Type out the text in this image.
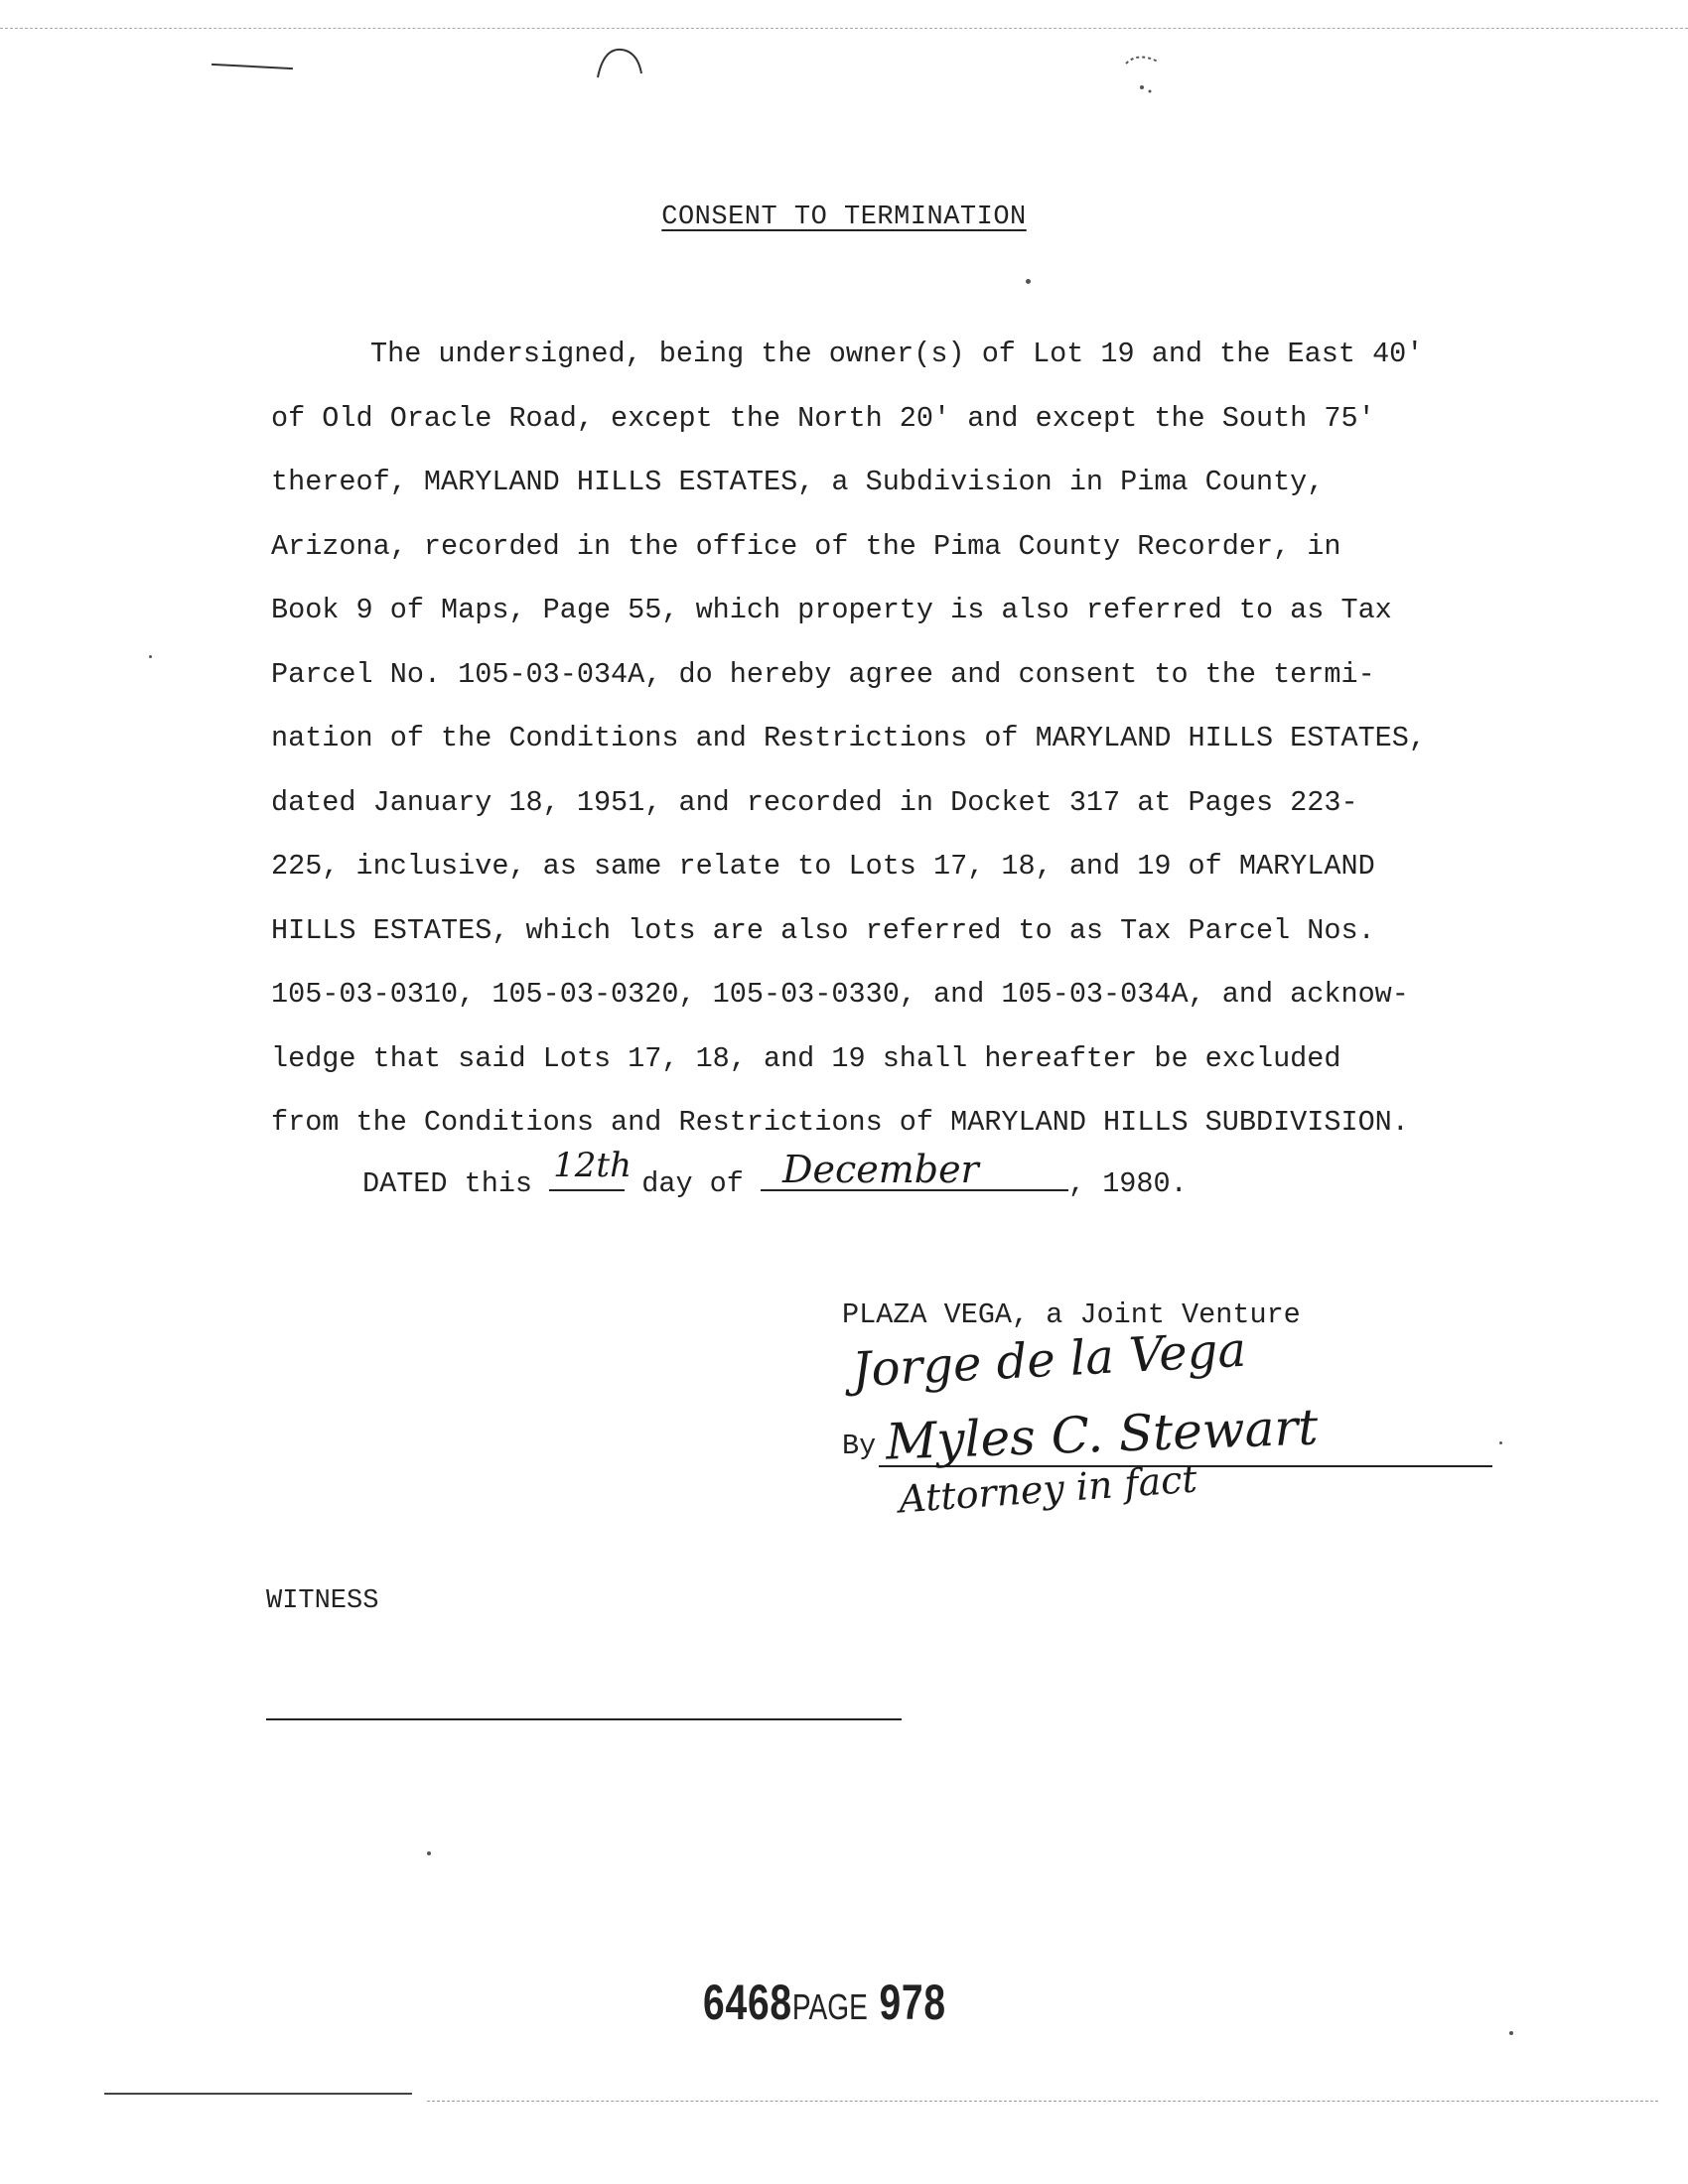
CONSENT TO TERMINATION
The undersigned, being the owner(s) of Lot 19 and the East 40'
of Old Oracle Road, except the North 20' and except the South 75'
thereof, MARYLAND HILLS ESTATES, a Subdivision in Pima County,
Arizona, recorded in the office of the Pima County Recorder, in
Book 9 of Maps, Page 55, which property is also referred to as Tax
Parcel No. 105-03-034A, do hereby agree and consent to the termi-
nation of the Conditions and Restrictions of MARYLAND HILLS ESTATES,
dated January 18, 1951, and recorded in Docket 317 at Pages 223-
225, inclusive, as same relate to Lots 17, 18, and 19 of MARYLAND
HILLS ESTATES, which lots are also referred to as Tax Parcel Nos.
105-03-0310, 105-03-0320, 105-03-0330, and 105-03-034A, and acknow-
ledge that said Lots 17, 18, and 19 shall hereafter be excluded
from the Conditions and Restrictions of MARYLAND HILLS SUBDIVISION.
DATED this 12th day of December	, 1980.
PLAZA VEGA, a Joint Venture
Jorge de la Vega
By Myles C. Stewart
Attorney in fact
WITNESS
6468PAGE 978
